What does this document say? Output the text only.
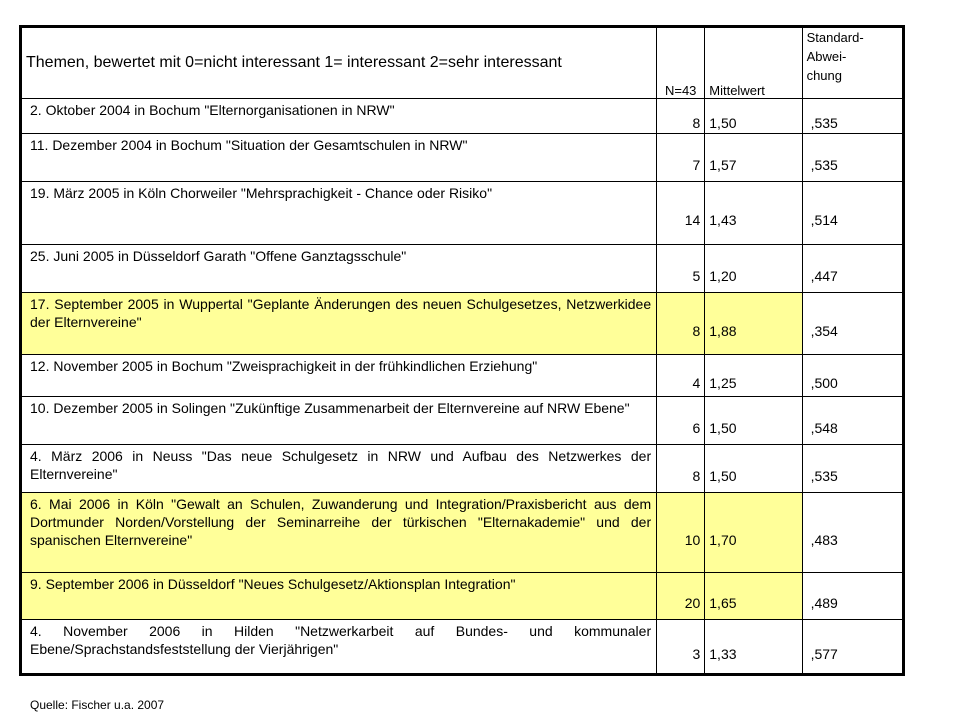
Themen, bewertet mit 0=nicht interessant 1= interessant 2=sehr interessant	N=43	Mittelwert	Standard-
Abwei-
chung

2. Oktober 2004 in Bochum "Elternorganisationen in NRW"	8	1,50	,535
11. Dezember 2004 in Bochum "Situation der Gesamtschulen in NRW"	7	1,57	,535
19. März 2005 in Köln Chorweiler "Mehrsprachigkeit - Chance oder Risiko"	14	1,43	,514
25. Juni 2005 in Düsseldorf Garath "Offene Ganztagsschule"	5	1,20	,447
17. September 2005 in Wuppertal "Geplante Änderungen des neuen Schulgesetzes, Netzwerkidee der Elternvereine"	8	1,88	,354
12. November 2005 in Bochum "Zweisprachigkeit in der frühkindlichen Erziehung"	4	1,25	,500
10. Dezember 2005 in Solingen "Zukünftige Zusammenarbeit der Elternvereine auf NRW Ebene"	6	1,50	,548
4. März 2006 in Neuss "Das neue Schulgesetz in NRW und Aufbau des Netzwerkes der Elternvereine"	8	1,50	,535
6. Mai 2006 in Köln "Gewalt an Schulen, Zuwanderung und Integration/Praxisbericht aus dem Dortmunder Norden/Vorstellung der Seminarreihe der türkischen "Elternakademie" und der spanischen Elternvereine"	10	1,70	,483
9. September 2006 in Düsseldorf "Neues Schulgesetz/Aktionsplan Integration"	20	1,65	,489
4. November 2006 in Hilden "Netzwerkarbeit auf Bundes- und kommunaler Ebene/Sprachstandsfeststellung der Vierjährigen"	3	1,33	,577
Quelle: Fischer u.a. 2007
